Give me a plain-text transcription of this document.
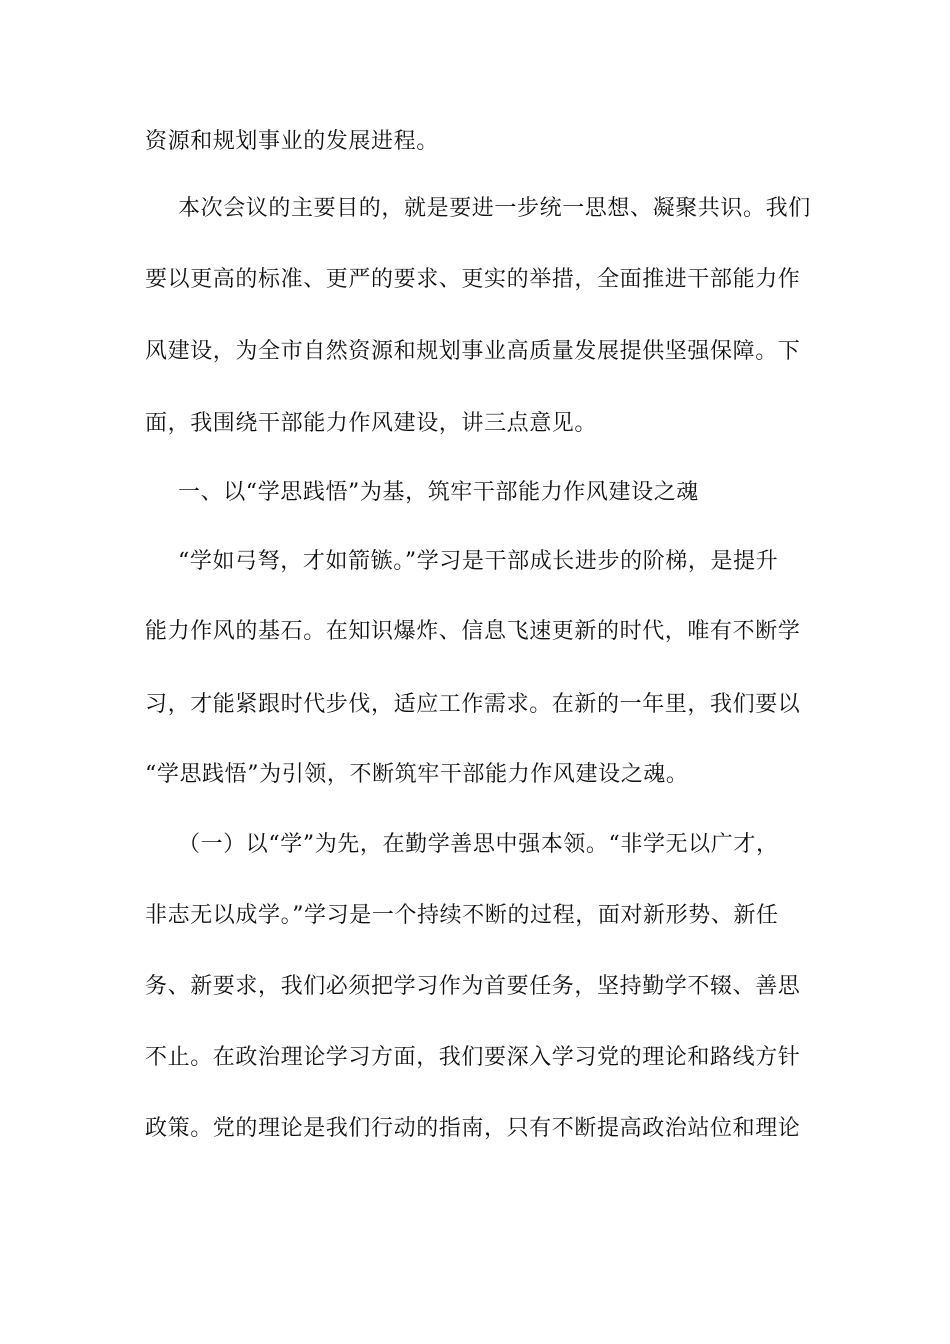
资源和规划事业的发展进程。
本次会议的主要目的，就是要进一步统一思想、凝聚共识。我们
要以更高的标准、更严的要求、更实的举措，全面推进干部能力作
风建设，为全市自然资源和规划事业高质量发展提供坚强保障。下
面，我围绕干部能力作风建设，讲三点意见。
一、以“学思践悟”为基，筑牢干部能力作风建设之魂
“学如弓弩，才如箭镞。”学习是干部成长进步的阶梯，是提升
能力作风的基石。在知识爆炸、信息飞速更新的时代，唯有不断学
习，才能紧跟时代步伐，适应工作需求。在新的一年里，我们要以
“学思践悟”为引领，不断筑牢干部能力作风建设之魂。
（一）以“学”为先，在勤学善思中强本领。“非学无以广才，
非志无以成学。”学习是一个持续不断的过程，面对新形势、新任
务、新要求，我们必须把学习作为首要任务，坚持勤学不辍、善思
不止。在政治理论学习方面，我们要深入学习党的理论和路线方针
政策。党的理论是我们行动的指南，只有不断提高政治站位和理论
